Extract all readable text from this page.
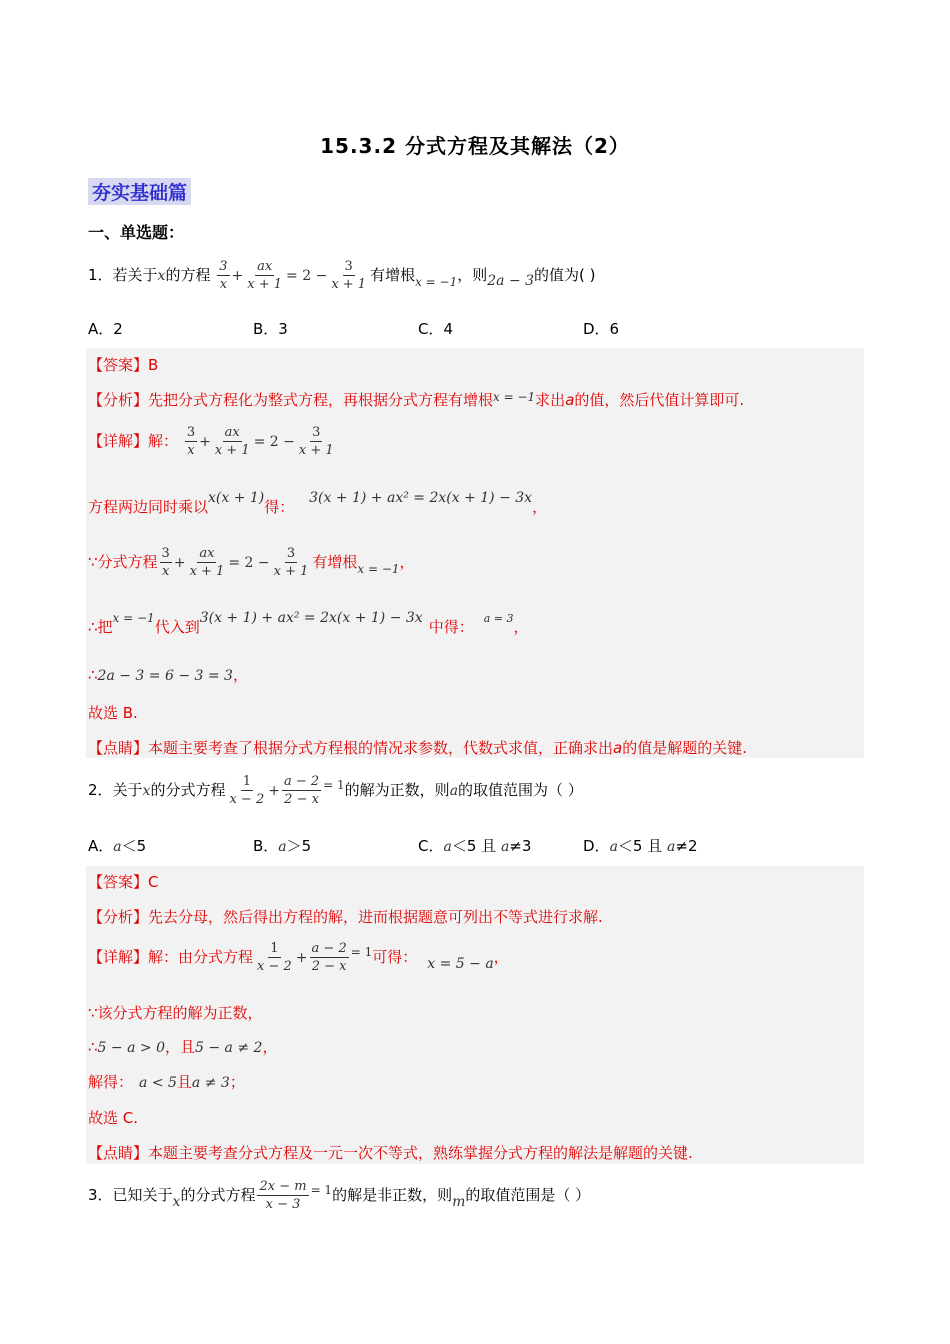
15.3.2 分式方程及其解法（2）
夯实基础篇
一、单选题：
1．若关于x的方程 $\frac{3}{x} + \frac{ax}{x + 1} = 2 - \frac{3}{x + 1}$ 有增根$_{x = -1}$，则2a − 3的值为( )
A．2	B．3	C．4	D．6
【答案】B
【分析】先把分式方程化为整式方程，再根据分式方程有增根$^{x = -1}$求出a的值，然后代值计算即可.
【详解】解： $\frac{3}{x} + \frac{ax}{x + 1} = 2 - \frac{3}{x + 1}$
方程两边同时乘以x(x + 1)得： 3(x + 1) + ax² = 2x(x + 1) − 3x，
∵分式方程 $\frac{3}{x} + \frac{ax}{x + 1} = 2 - \frac{3}{x + 1}$ 有增根$_{x = -1}$，
∴把x = −1代入到3(x + 1) + ax² = 2x(x + 1) − 3x 中得： a = 3，
∴2a − 3 = 6 − 3 = 3，
故选 B.
【点睛】本题主要考查了根据分式方程根的情况求参数，代数式求值，正确求出a的值是解题的关键.
2．关于x的分式方程 $\frac{1}{x - 2} + \frac{a - 2}{2 - x} ^{= 1}$的解为正数，则a的取值范围为（ ）
A．a＜5	B．a＞5	C．a＜5 且 a≠3	D．a＜5 且 a≠2
【答案】C
【分析】先去分母，然后得出方程的解，进而根据题意可列出不等式进行求解.
【详解】解：由分式方程 $\frac{1}{x - 2} + \frac{a - 2}{2 - x} ^{= 1}$可得： x = 5 − a，
∵该分式方程的解为正数，
∴5 − a > 0，且5 − a ≠ 2，
解得： a < 5且a ≠ 3；
故选 C.
【点睛】本题主要考查分式方程及一元一次不等式，熟练掌握分式方程的解法是解题的关键.
3．已知关于x的分式方程 $\frac{2x - m}{x - 3} ^{= 1}$的解是非正数，则m的取值范围是（ ）
